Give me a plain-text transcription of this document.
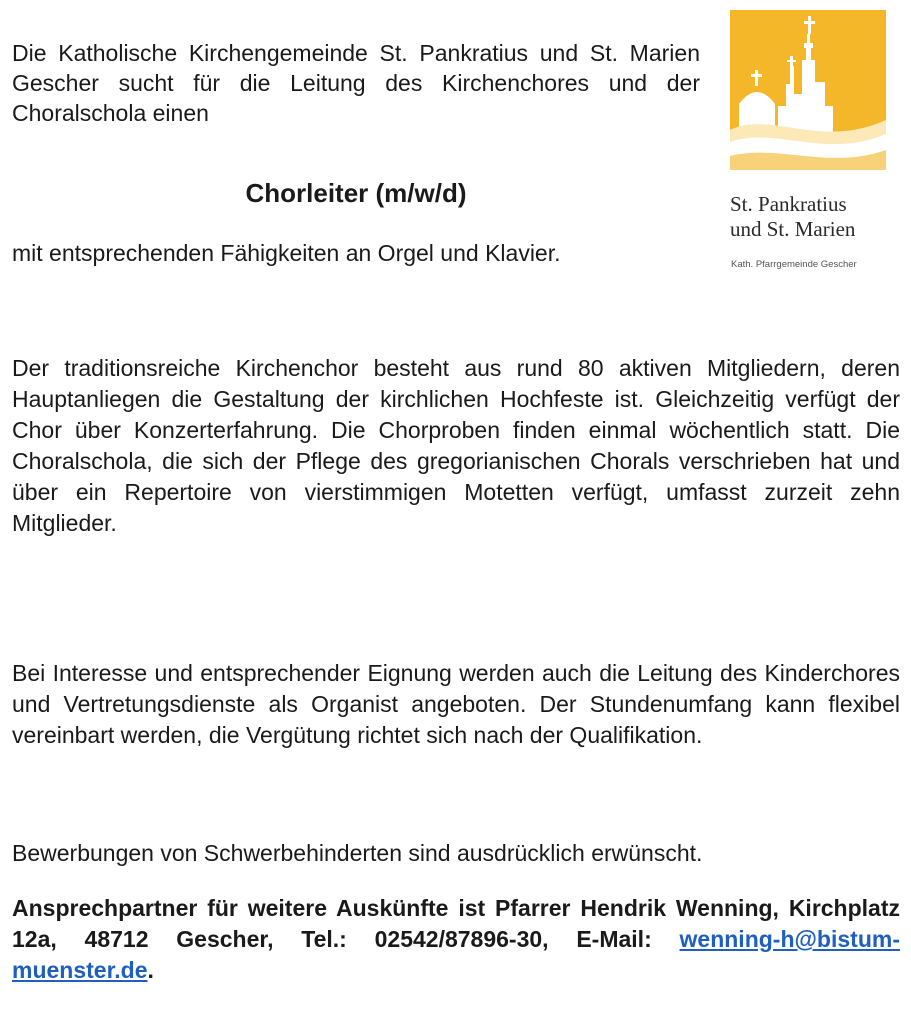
Die Katholische Kirchengemeinde St. Pankratius und St. Marien Gescher sucht für die Leitung des Kirchenchores und der Choralschola einen

Chorleiter (m/w/d)

mit entsprechenden Fähigkeiten an Orgel und Klavier.

St. Pankratius
und St. Marien
Kath. Pfarrgemeinde Gescher

Der traditionsreiche Kirchenchor besteht aus rund 80 aktiven Mitgliedern, deren Hauptanliegen die Gestaltung der kirchlichen Hochfeste ist. Gleichzeitig verfügt der Chor über Konzerterfahrung. Die Chorproben finden einmal wöchentlich statt. Die Choralschola, die sich der Pflege des gregorianischen Chorals verschrieben hat und über ein Repertoire von vierstimmigen Motetten verfügt, umfasst zurzeit zehn Mitglieder.

Bei Interesse und entsprechender Eignung werden auch die Leitung des Kinderchores und Vertretungsdienste als Organist angeboten. Der Stundenumfang kann flexibel vereinbart werden, die Vergütung richtet sich nach der Qualifikation.

Bewerbungen von Schwerbehinderten sind ausdrücklich erwünscht.

Ansprechpartner für weitere Auskünfte ist Pfarrer Hendrik Wenning, Kirchplatz 12a, 48712 Gescher, Tel.: 02542/87896-30, E-Mail: wenning-h@bistum-muenster.de.
